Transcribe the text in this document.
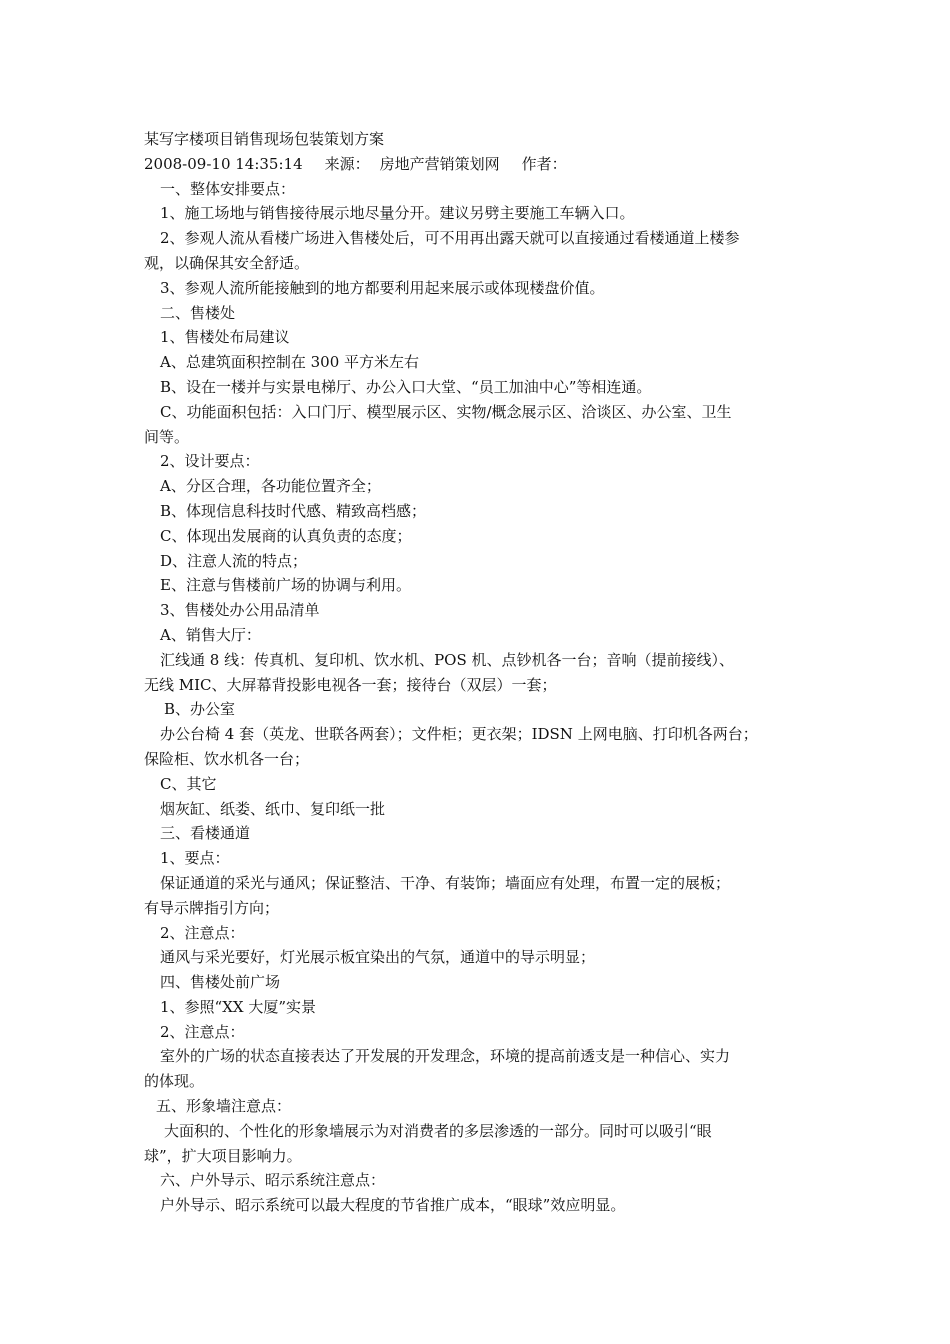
某写字楼项目销售现场包装策划方案
2008-09-10 14:35:14 来源： 房地产营销策划网 作者：
一、整体安排要点：
1、施工场地与销售接待展示地尽量分开。建议另劈主要施工车辆入口。
2、参观人流从看楼广场进入售楼处后，可不用再出露天就可以直接通过看楼通道上楼参
观，以确保其安全舒适。
3、参观人流所能接触到的地方都要利用起来展示或体现楼盘价值。
二、售楼处
1、售楼处布局建议
A、总建筑面积控制在 300 平方米左右
B、设在一楼并与实景电梯厅、办公入口大堂、“员工加油中心”等相连通。
C、功能面积包括：入口门厅、模型展示区、实物/概念展示区、洽谈区、办公室、卫生
间等。
2、设计要点：
A、分区合理，各功能位置齐全；
B、体现信息科技时代感、精致高档感；
C、体现出发展商的认真负责的态度；
D、注意人流的特点；
E、注意与售楼前广场的协调与利用。
3、售楼处办公用品清单
A、销售大厅：
汇线通 8 线：传真机、复印机、饮水机、POS 机、点钞机各一台；音响（提前接线）、
无线 MIC、大屏幕背投影电视各一套；接待台（双层）一套；
B、办公室
办公台椅 4 套（英龙、世联各两套）；文件柜；更衣架；IDSN 上网电脑、打印机各两台；
保险柜、饮水机各一台；
C、其它
烟灰缸、纸娄、纸巾、复印纸一批
三、看楼通道
1、要点：
保证通道的采光与通风；保证整洁、干净、有装饰；墙面应有处理，布置一定的展板；
有导示牌指引方向；
2、注意点：
通风与采光要好，灯光展示板宜染出的气氛，通道中的导示明显；
四、售楼处前广场
1、参照“XX 大厦”实景
2、注意点：
室外的广场的状态直接表达了开发展的开发理念，环境的提高前透支是一种信心、实力
的体现。
五、形象墙注意点：
大面积的、个性化的形象墙展示为对消费者的多层渗透的一部分。同时可以吸引“眼
球”，扩大项目影响力。
六、户外导示、昭示系统注意点：
户外导示、昭示系统可以最大程度的节省推广成本，“眼球”效应明显。
